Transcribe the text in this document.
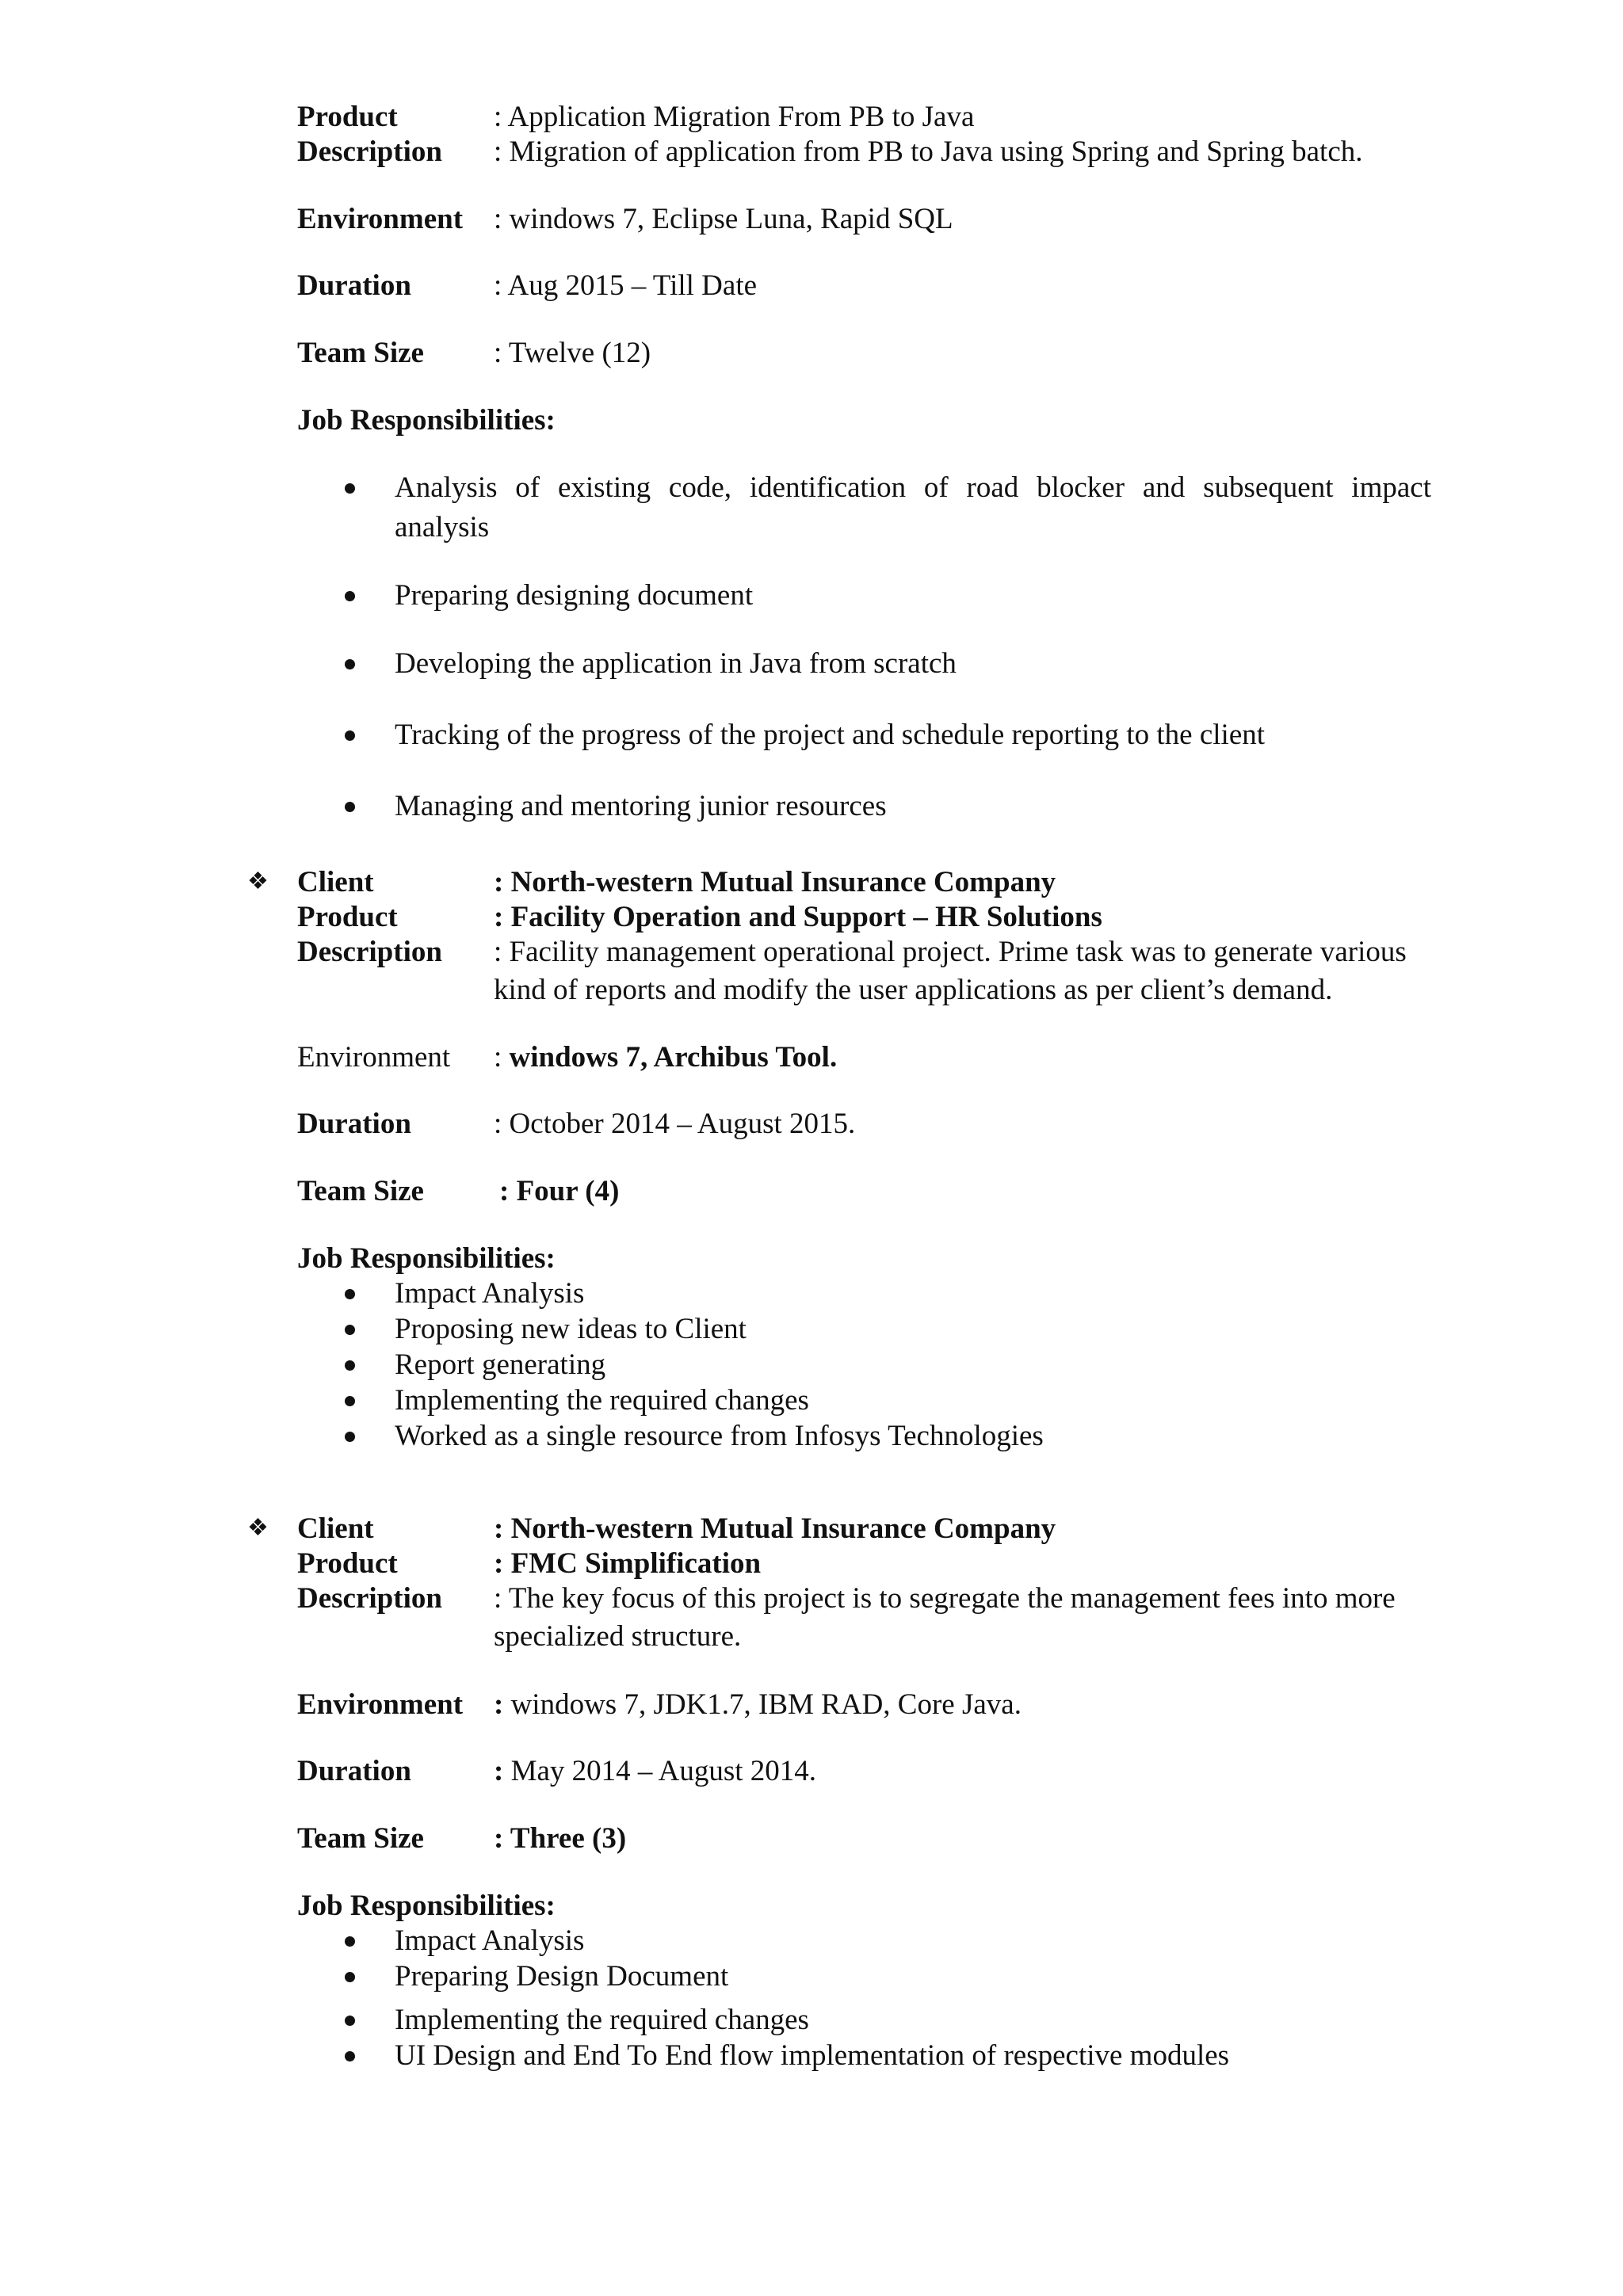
Product	: Application Migration From PB to Java
Description : Migration of application from PB to Java using Spring and Spring batch.
Environment : windows 7, Eclipse Luna, Rapid SQL
Duration	: Aug 2015 – Till Date
Team Size : Twelve (12)
Job Responsibilities:
Analysis of existing code, identification of road blocker and subsequent impact
analysis
Preparing designing document
Developing the application in Java from scratch
Tracking of the progress of the project and schedule reporting to the client
Managing and mentoring junior resources
❖ Client	: North-western Mutual Insurance Company
Product	: Facility Operation and Support – HR Solutions
Description : Facility management operational project. Prime task was to generate various
kind of reports and modify the user applications as per client’s demand.
Environment : windows 7, Archibus Tool.
Duration	: October 2014 – August 2015.
Team Size	: Four (4)
Job Responsibilities:
Impact Analysis
Proposing new ideas to Client
Report generating
Implementing the required changes
Worked as a single resource from Infosys Technologies
❖ Client	: North-western Mutual Insurance Company
Product	: FMC Simplification
Description : The key focus of this project is to segregate the management fees into more
specialized structure.
Environment : windows 7, JDK1.7, IBM RAD, Core Java.
Duration	: May 2014 – August 2014.
Team Size : Three (3)
Job Responsibilities:
Impact Analysis
Preparing Design Document
Implementing the required changes
UI Design and End To End flow implementation of respective modules
